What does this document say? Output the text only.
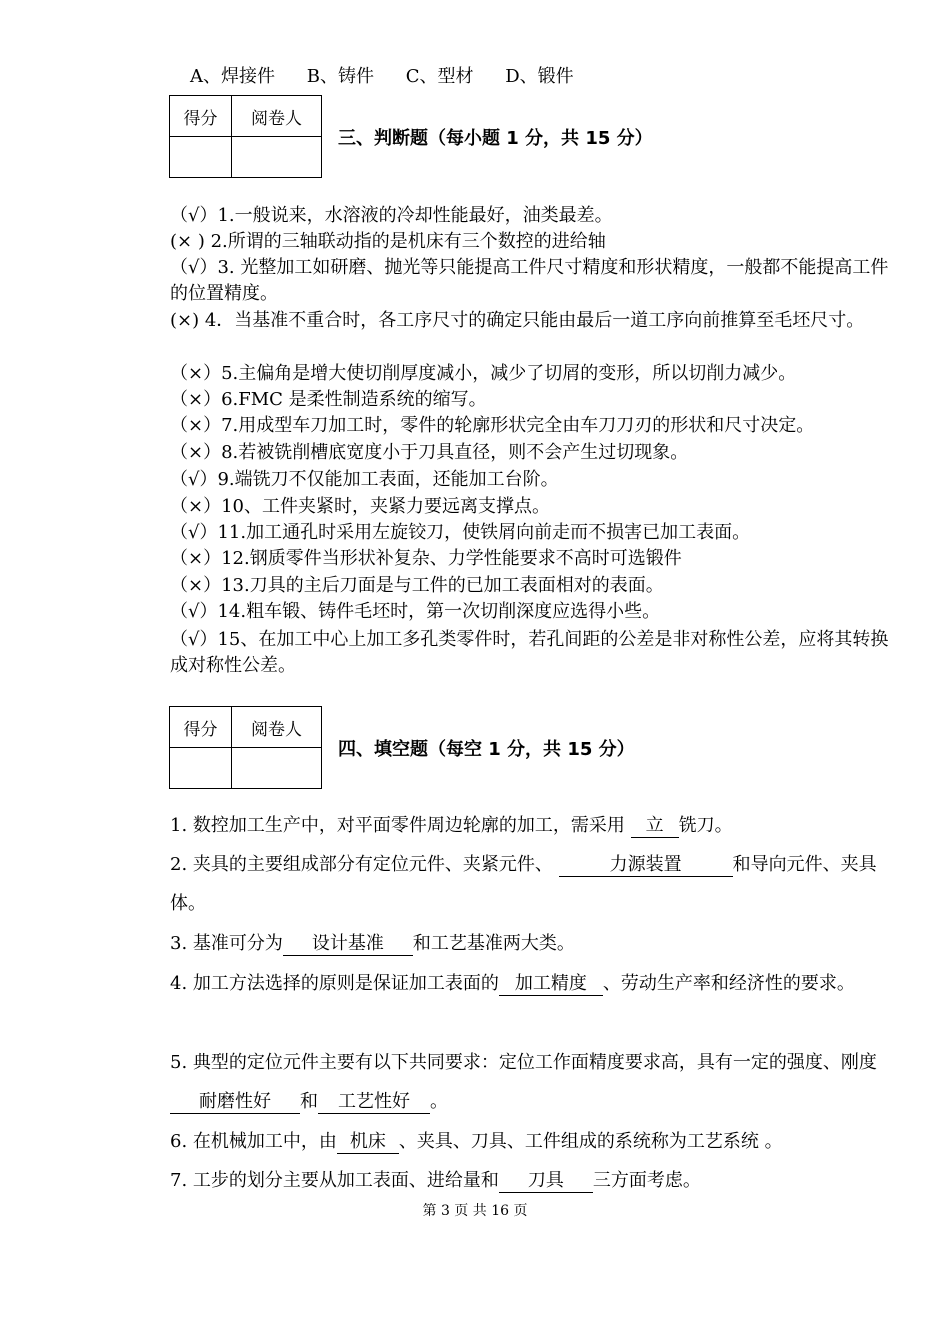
A、焊接件 B、铸件 C、型材 D、锻件
得分	阅卷人

三、判断题（每小题 1 分，共 15 分）
（√）1.一般说来，水溶液的冷却性能最好，油类最差。
(× ) 2.所谓的三轴联动指的是机床有三个数控的进给轴
（√）3. 光整加工如研磨、抛光等只能提高工件尺寸精度和形状精度，一般都不能提高工件的位置精度。
(×) 4．当基准不重合时，各工序尺寸的确定只能由最后一道工序向前推算至毛坯尺寸。
（×）5.主偏角是增大使切削厚度减小，减少了切屑的变形，所以切削力减少。
（×）6.FMC 是柔性制造系统的缩写。
（×）7.用成型车刀加工时，零件的轮廓形状完全由车刀刀刃的形状和尺寸决定。
（×）8.若被铣削槽底宽度小于刀具直径，则不会产生过切现象。
（√）9.端铣刀不仅能加工表面，还能加工台阶。
（×）10、工件夹紧时，夹紧力要远离支撑点。
（√）11.加工通孔时采用左旋铰刀，使铁屑向前走而不损害已加工表面。
（×）12.钢质零件当形状补复杂、力学性能要求不高时可选锻件
（×）13.刀具的主后刀面是与工件的已加工表面相对的表面。
（√）14.粗车锻、铸件毛坯时，第一次切削深度应选得小些。
（√）15、在加工中心上加工多孔类零件时，若孔间距的公差是非对称性公差，应将其转换成对称性公差。
得分	阅卷人

四、填空题（每空 1 分，共 15 分）
1. 数控加工生产中，对平面零件周边轮廓的加工，需采用 立 铣刀。
2. 夹具的主要组成部分有定位元件、夹紧元件、	力源装置	和导向元件、夹具体。
3. 基准可分为 设计基准 和工艺基准两大类。
4. 加工方法选择的原则是保证加工表面的 加工精度 、劳动生产率和经济性的要求。
5. 典型的定位元件主要有以下共同要求：定位工作面精度要求高，具有一定的强度、刚度耐磨性好 和 工艺性好 。
6. 在机械加工中，由 机床 、夹具、刀具、工件组成的系统称为工艺系统 。
7. 工步的划分主要从加工表面、进给量和 刀具 三方面考虑。
第 3 页 共 16 页
